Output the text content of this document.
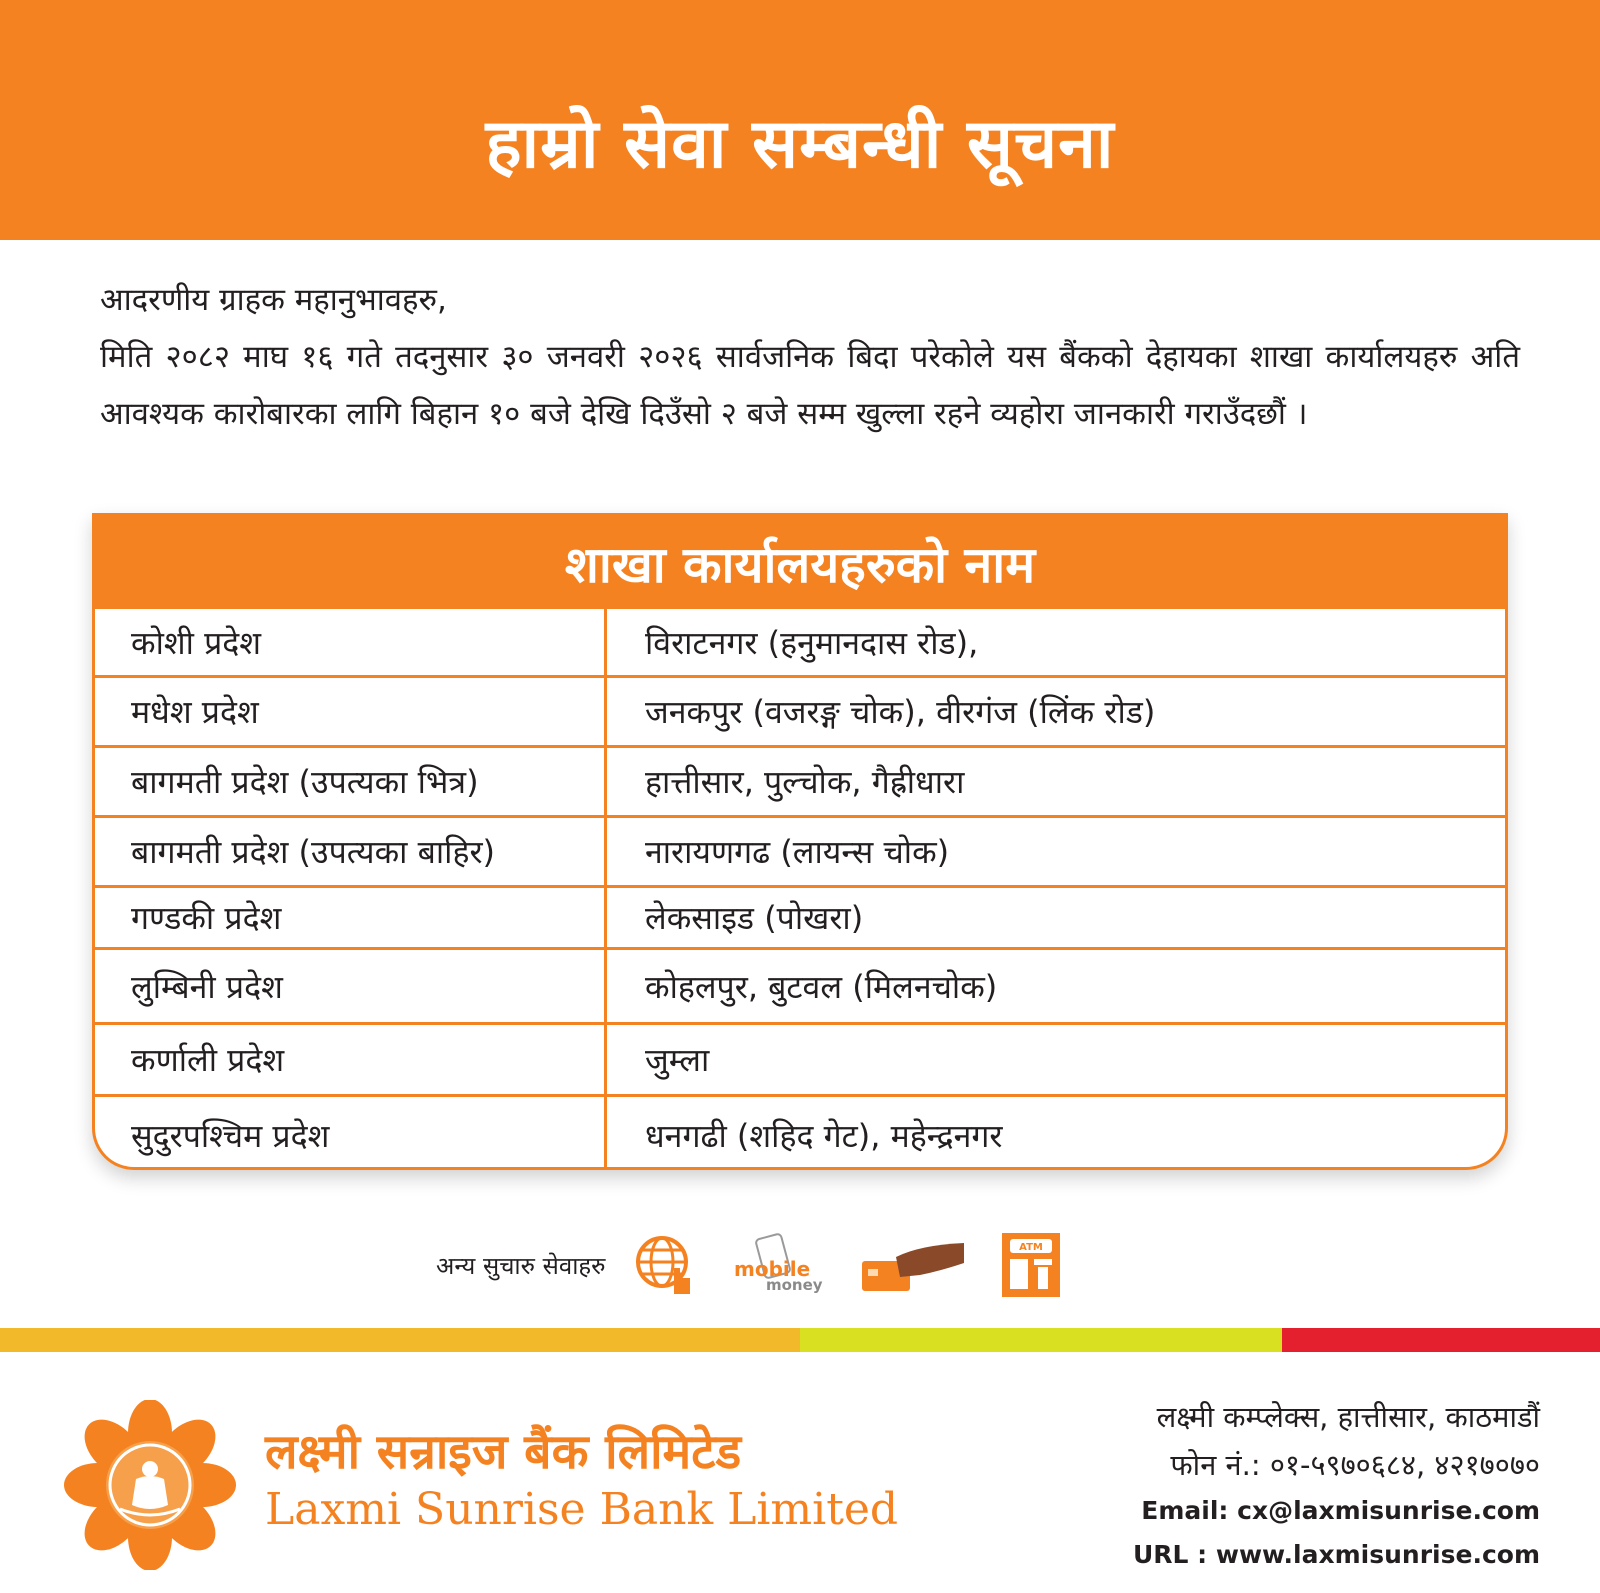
हाम्रो सेवा सम्बन्धी सूचना

आदरणीय ग्राहक महानुभावहरु,

मिति २०८२ माघ १६ गते तदनुसार ३० जनवरी २०२६ सार्वजनिक बिदा परेकोले यस बैंकको देहायका शाखा कार्यालयहरु अति आवश्यक कारोबारका लागि बिहान १० बजे देखि दिउँसो २ बजे सम्म खुल्ला रहने व्यहोरा जानकारी गराउँदछौं ।

शाखा कार्यालयहरुको नाम
कोशी प्रदेश	विराटनगर (हनुमानदास रोड),
मधेश प्रदेश	जनकपुर (वजरङ्ग चोक), वीरगंज (लिंक रोड)
बागमती प्रदेश (उपत्यका भित्र)	हात्तीसार, पुल्चोक, गैह्रीधारा
बागमती प्रदेश (उपत्यका बाहिर)	नारायणगढ (लायन्स चोक)
गण्डकी प्रदेश	लेकसाइड (पोखरा)
लुम्बिनी प्रदेश	कोहलपुर, बुटवल (मिलनचोक)
कर्णाली प्रदेश	जुम्ला
सुदुरपश्चिम प्रदेश	धनगढी (शहिद गेट), महेन्द्रनगर
अन्य सुचारु सेवाहरु	mobile
money
ATM
लक्ष्मी सन्राइज बैंक लिमिटेड
Laxmi Sunrise Bank Limited
लक्ष्मी कम्प्लेक्स, हात्तीसार, काठमाडौं
फोन नं.: ०१-५९७०६८४, ४२१७०७०
Email: cx@laxmisunrise.com
URL : www.laxmisunrise.com
